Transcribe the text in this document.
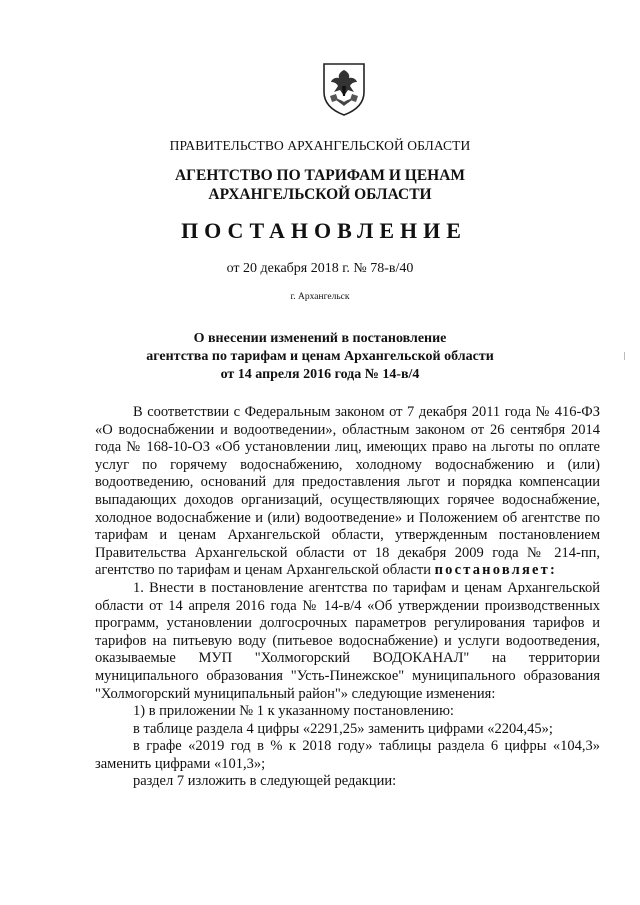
ПРАВИТЕЛЬСТВО АРХАНГЕЛЬСКОЙ ОБЛАСТИ
АГЕНТСТВО ПО ТАРИФАМ И ЦЕНАМ
АРХАНГЕЛЬСКОЙ ОБЛАСТИ
ПОСТАНОВЛЕНИЕ
от 20 декабря 2018 г. № 78-в/40
г. Архангельск
О внесении изменений в постановление
агентства по тарифам и ценам Архангельской области
от 14 апреля 2016 года № 14-в/4

В соответствии с Федеральным законом от 7 декабря 2011 года № 416-ФЗ «О водоснабжении и водоотведении», областным законом от 26 сентября 2014 года № 168-10-ОЗ «Об установлении лиц, имеющих право на льготы по оплате услуг по горячему водоснабжению, холодному водоснабжению и (или) водоотведению, оснований для предоставления льгот и порядка компенсации выпадающих доходов организаций, осуществляющих горячее водоснабжение, холодное водоснабжение и (или) водоотведение» и Положением об агентстве по тарифам и ценам Архангельской области, утвержденным постановлением Правительства Архангельской области от 18 декабря 2009 года № 214-пп, агентство по тарифам и ценам Архангельской области постановляет:

1. Внести в постановление агентства по тарифам и ценам Архангельской области от 14 апреля 2016 года № 14-в/4 «Об утверждении производственных программ, установлении долгосрочных параметров регулирования тарифов и тарифов на питьевую воду (питьевое водоснабжение) и услуги водоотведения, оказываемые МУП "Холмогорский ВОДОКАНАЛ" на территории муниципального образования "Усть-Пинежское" муниципального образования "Холмогорский муниципальный район"» следующие изменения:

1) в приложении № 1 к указанному постановлению:

в таблице раздела 4 цифры «2291,25» заменить цифрами «2204,45»;

в графе «2019 год в % к 2018 году» таблицы раздела 6 цифры «104,3» заменить цифрами «101,3»;

раздел 7 изложить в следующей редакции:
